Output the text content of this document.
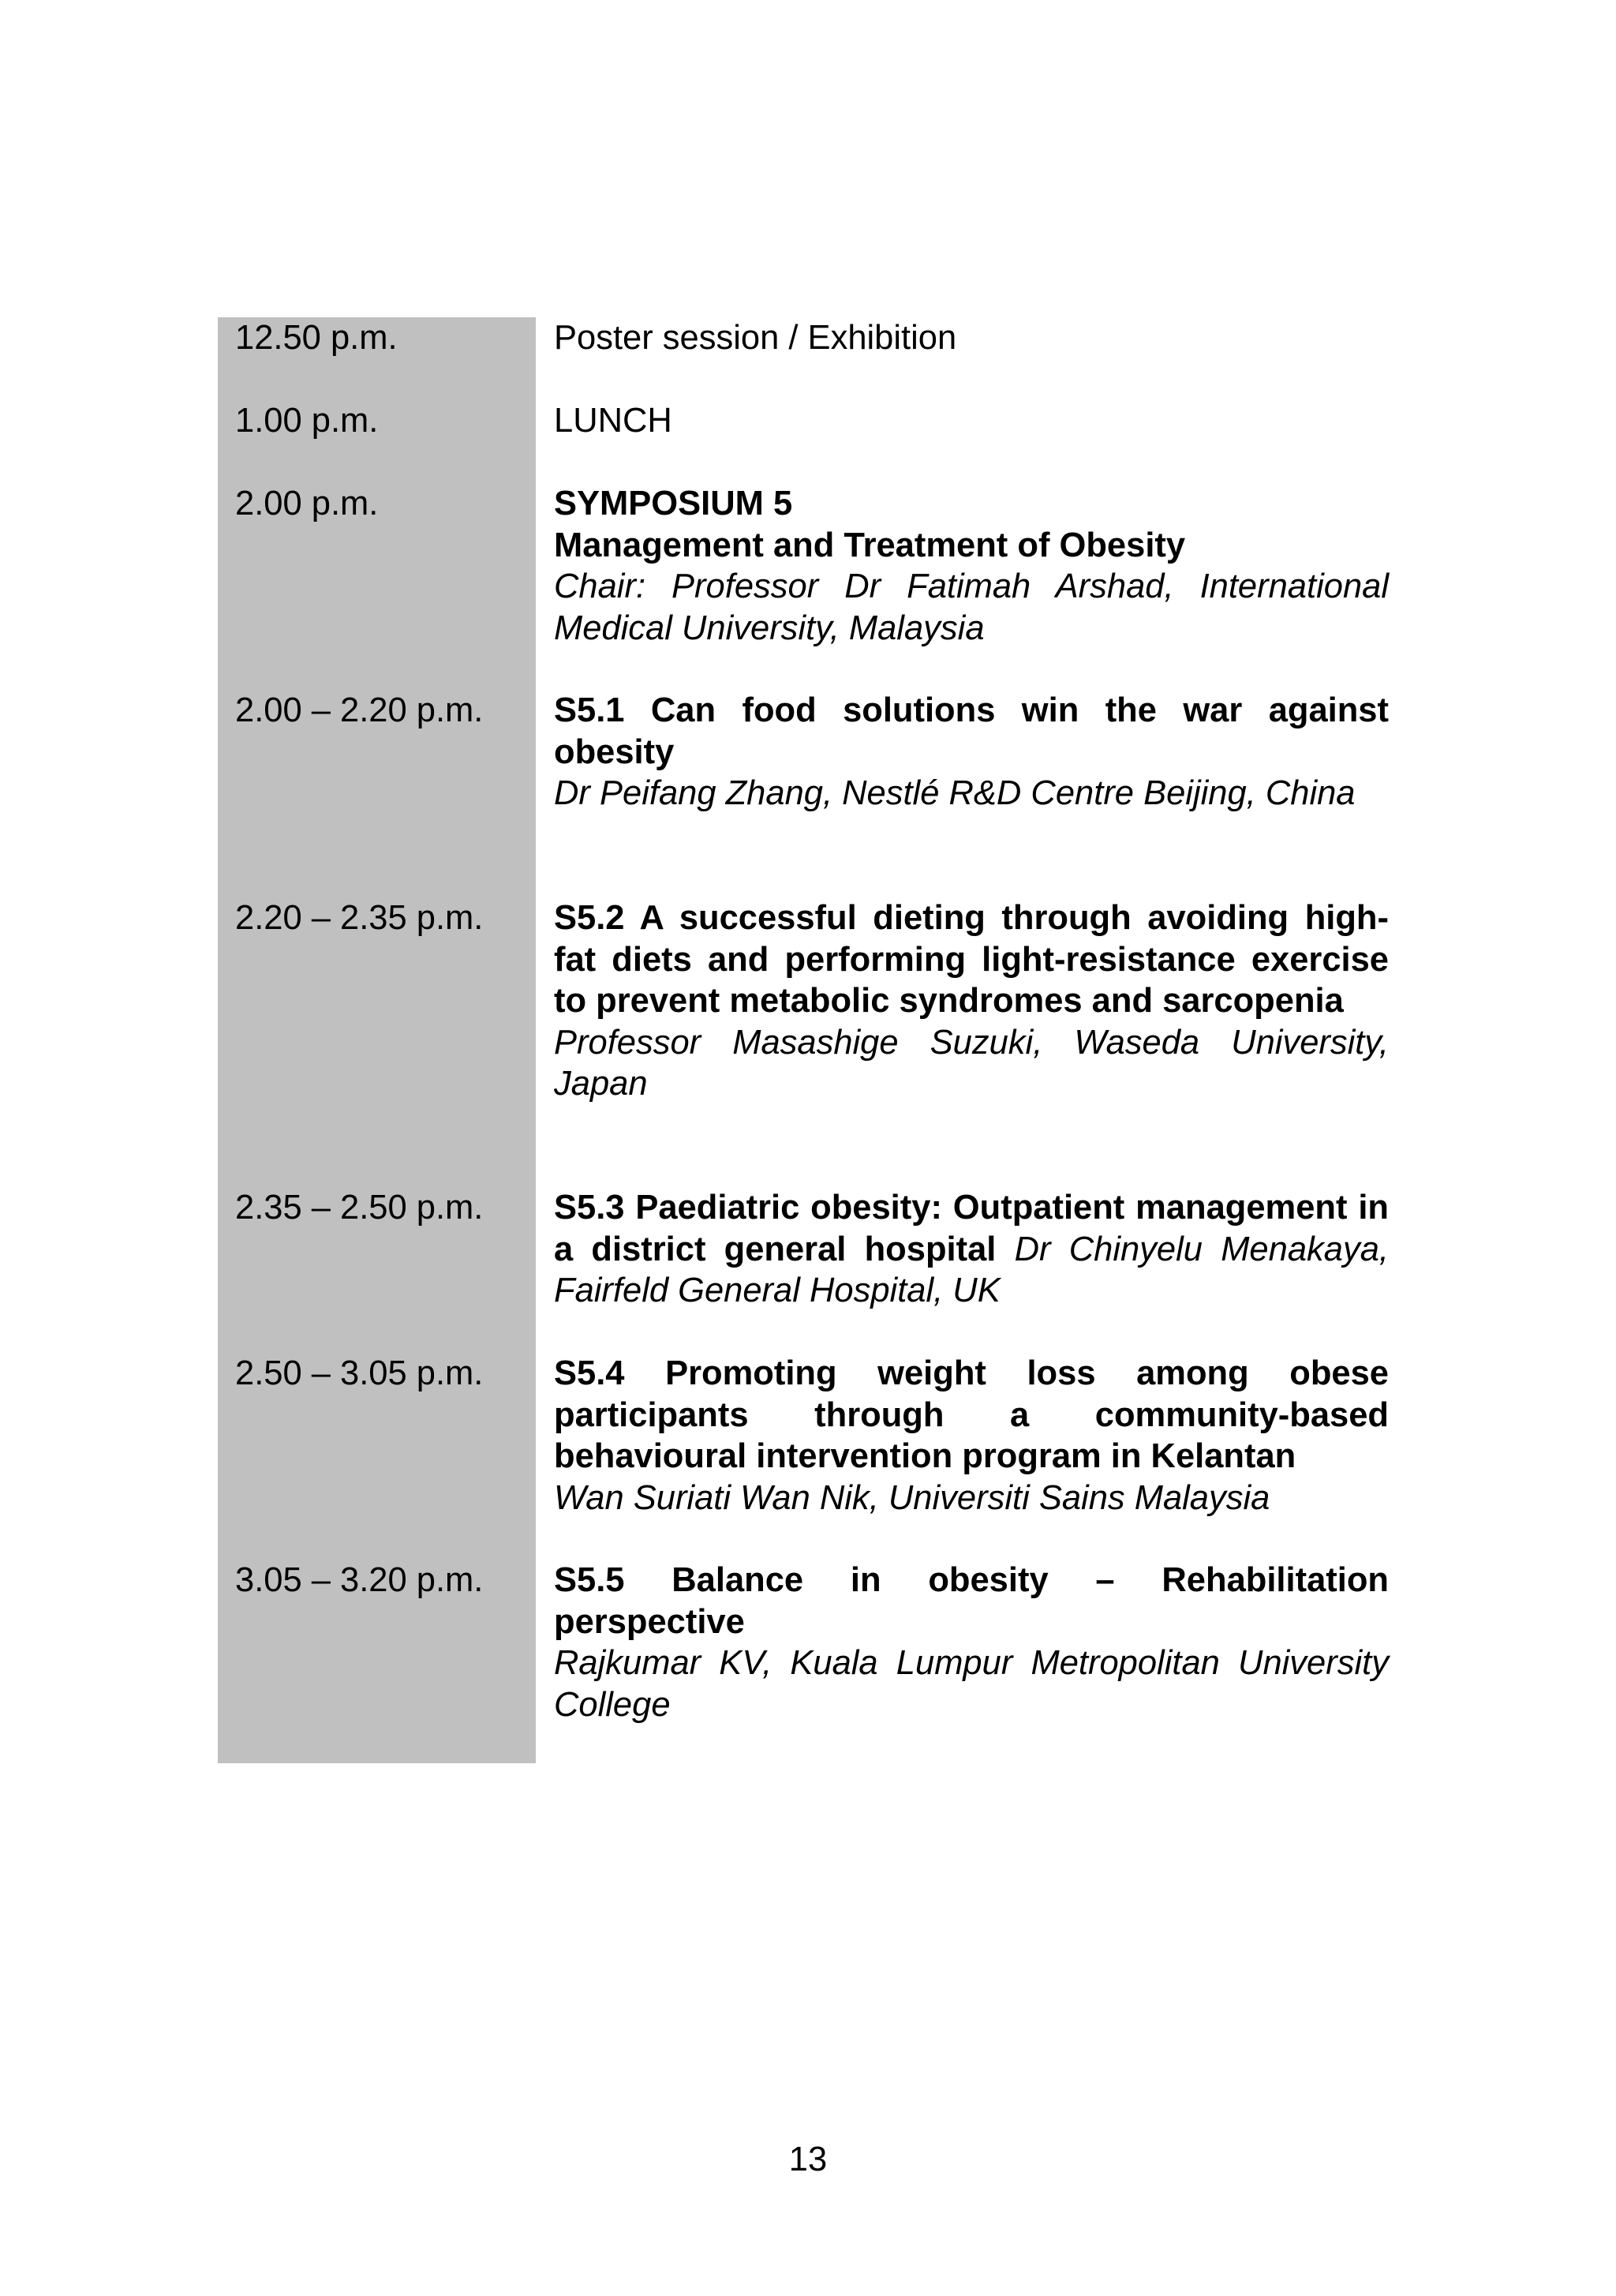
12.50 p.m.	Poster session / Exhibition
1.00 p.m.	LUNCH
2.00 p.m.	SYMPOSIUM 5
Management and Treatment of Obesity
Chair: Professor Dr Fatimah Arshad, International Medical University, Malaysia
2.00 – 2.20 p.m.	S5.1 Can food solutions win the war against obesity
Dr Peifang Zhang, Nestlé R&D Centre Beijing, China
2.20 – 2.35 p.m.	S5.2 A successful dieting through avoiding high-fat diets and performing light-resistance exercise to prevent metabolic syndromes and sarcopenia
Professor Masashige Suzuki, Waseda University, Japan
2.35 – 2.50 p.m.	S5.3 Paediatric obesity: Outpatient management in a district general hospital Dr Chinyelu Menakaya, Fairfeld General Hospital, UK
2.50 – 3.05 p.m.	S5.4 Promoting weight loss among obese participants through a community-based behavioural intervention program in Kelantan
Wan Suriati Wan Nik, Universiti Sains Malaysia
3.05 – 3.20 p.m.	S5.5 Balance in obesity – Rehabilitation perspective
Rajkumar KV, Kuala Lumpur Metropolitan University College
13
